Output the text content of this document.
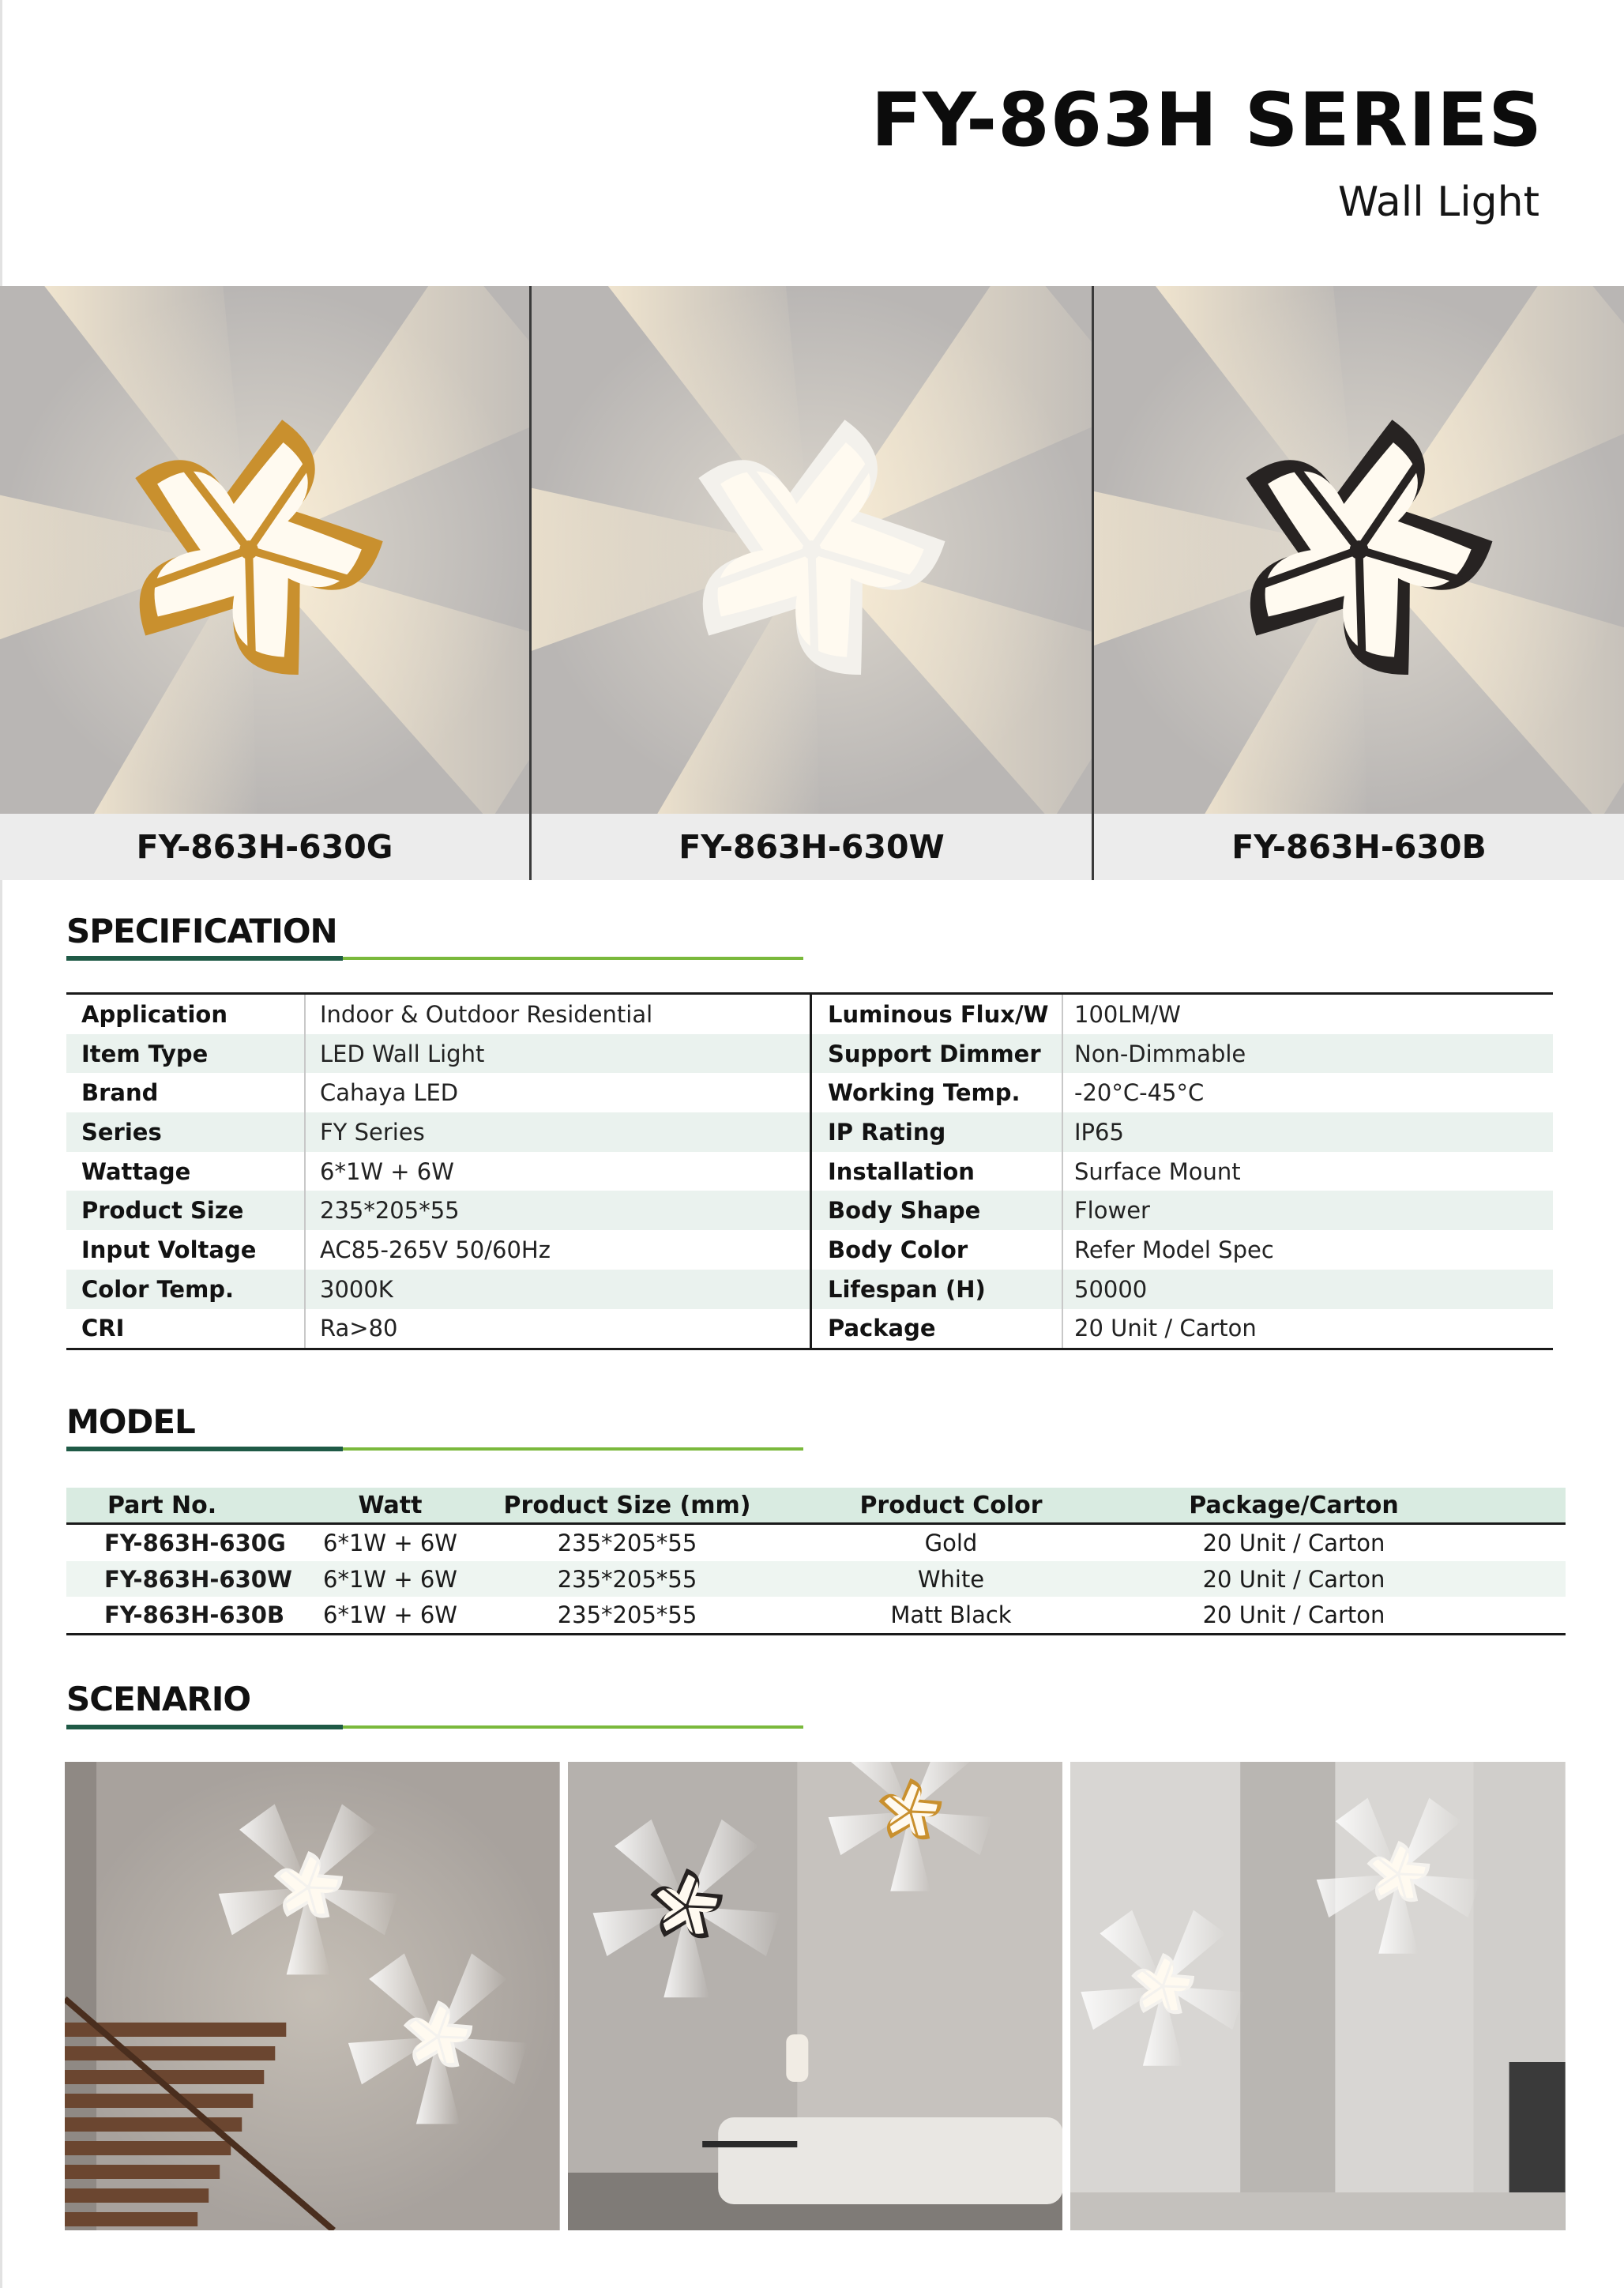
FY-863H SERIES
Wall Light
FY-863H-630G	FY-863H-630W	FY-863H-630B
SPECIFICATION
Application	Indoor & Outdoor Residential
Item Type	LED Wall Light
Brand	Cahaya LED
Series	FY Series
Wattage	6*1W + 6W
Product Size	235*205*55
Input Voltage	AC85-265V 50/60Hz
Color Temp.	3000K
CRI	Ra>80
Luminous Flux/W	100LM/W
Support Dimmer	Non-Dimmable
Working Temp.	-20°C-45°C
IP Rating	IP65
Installation	Surface Mount
Body Shape	Flower
Body Color	Refer Model Spec
Lifespan (H)	50000
Package	20 Unit / Carton
MODEL
Part No.	Watt	Product Size (mm)	Product Color	Package/Carton
FY-863H-630G	6*1W + 6W	235*205*55	Gold	20 Unit / Carton
FY-863H-630W	6*1W + 6W	235*205*55	White	20 Unit / Carton
FY-863H-630B	6*1W + 6W	235*205*55	Matt Black	20 Unit / Carton
SCENARIO
